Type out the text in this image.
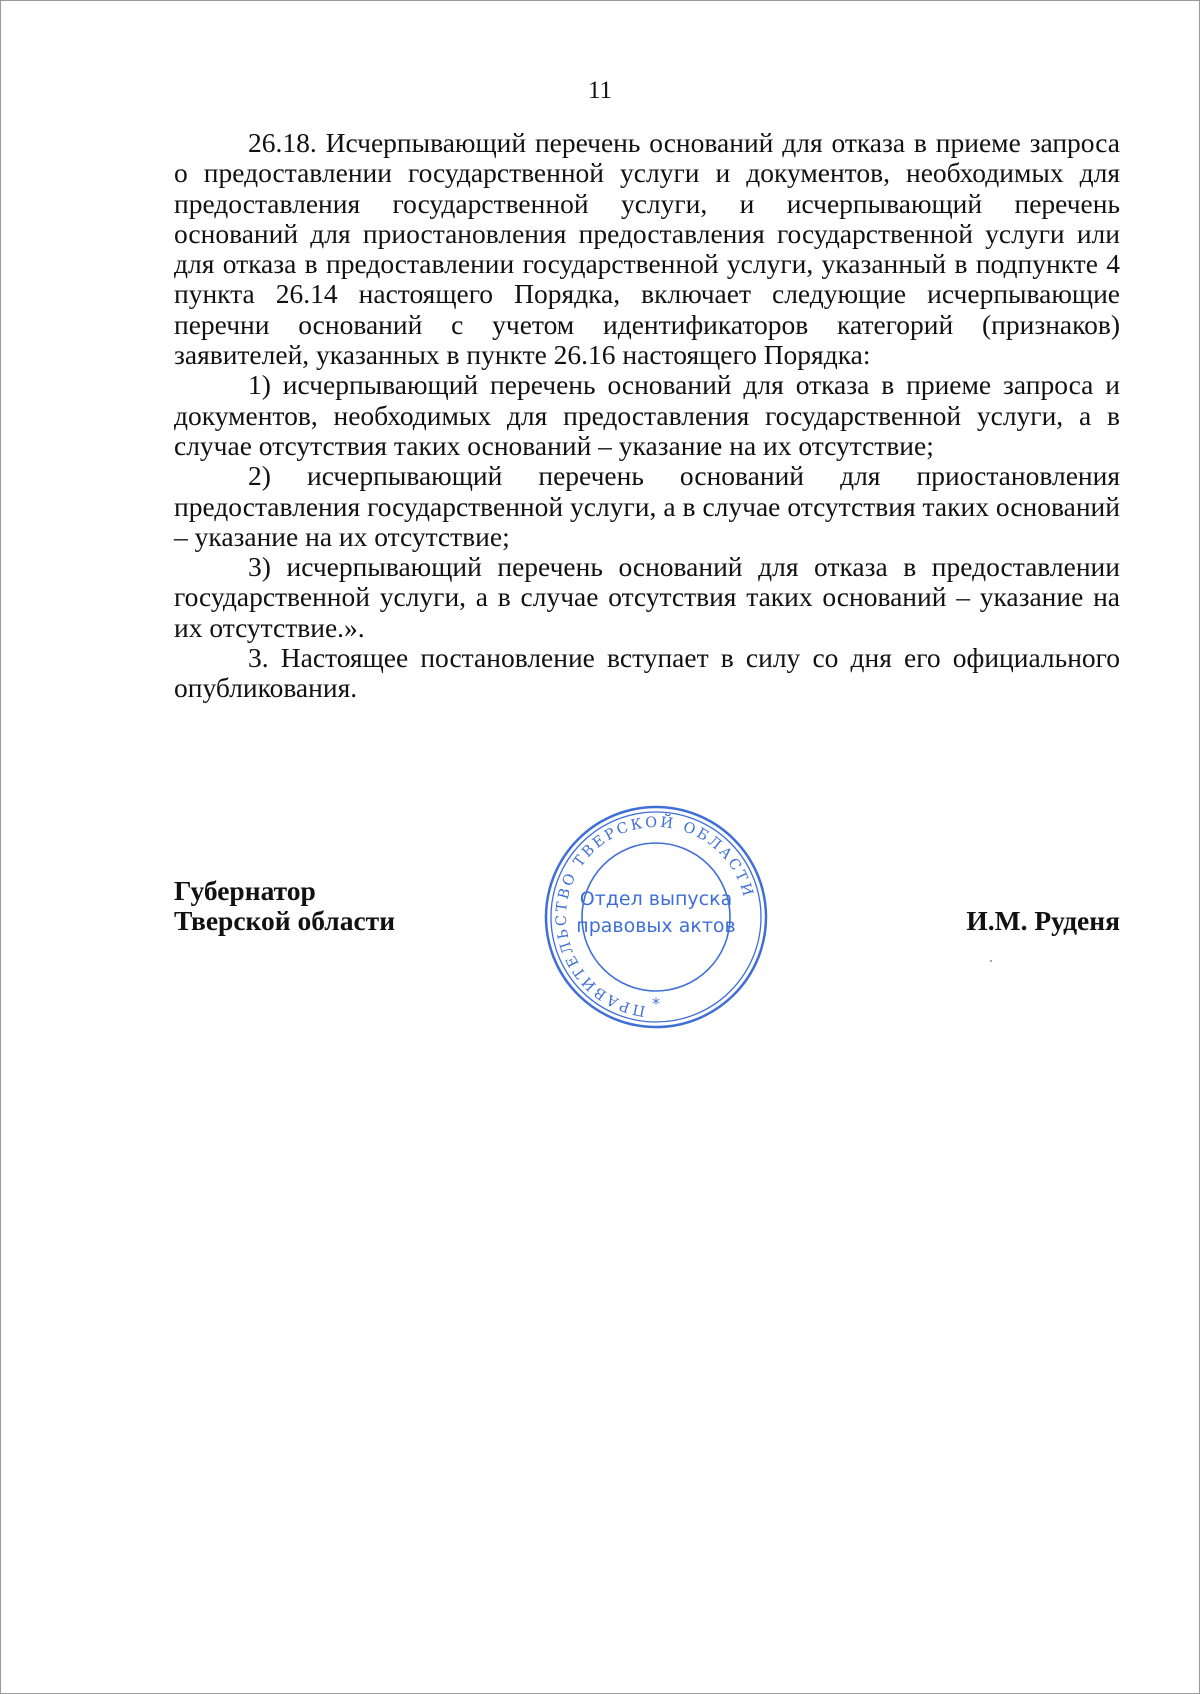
11

26.18. Исчерпывающий перечень оснований для отказа в приеме запроса о предоставлении государственной услуги и документов, необходимых для предоставления государственной услуги, и исчерпывающий перечень оснований для приостановления предоставления государственной услуги или для отказа в предоставлении государственной услуги, указанный в подпункте 4 пункта 26.14 настоящего Порядка, включает следующие исчерпывающие перечни оснований с учетом идентификаторов категорий (признаков) заявителей, указанных в пункте 26.16 настоящего Порядка:

1) исчерпывающий перечень оснований для отказа в приеме запроса и документов, необходимых для предоставления государственной услуги, а в случае отсутствия таких оснований – указание на их отсутствие;

2) исчерпывающий перечень оснований для приостановления предоставления государственной услуги, а в случае отсутствия таких оснований – указание на их отсутствие;

3) исчерпывающий перечень оснований для отказа в предоставлении государственной услуги, а в случае отсутствия таких оснований – указание на их отсутствие.».

3. Настоящее постановление вступает в силу со дня его официального опубликования.

Губернатор
Тверской области	И.М. Руденя
ПРАВИТЕЛЬСТВО ТВЕРСКОЙ ОБЛАСТИ
Отдел выпуска
правовых актов
*
